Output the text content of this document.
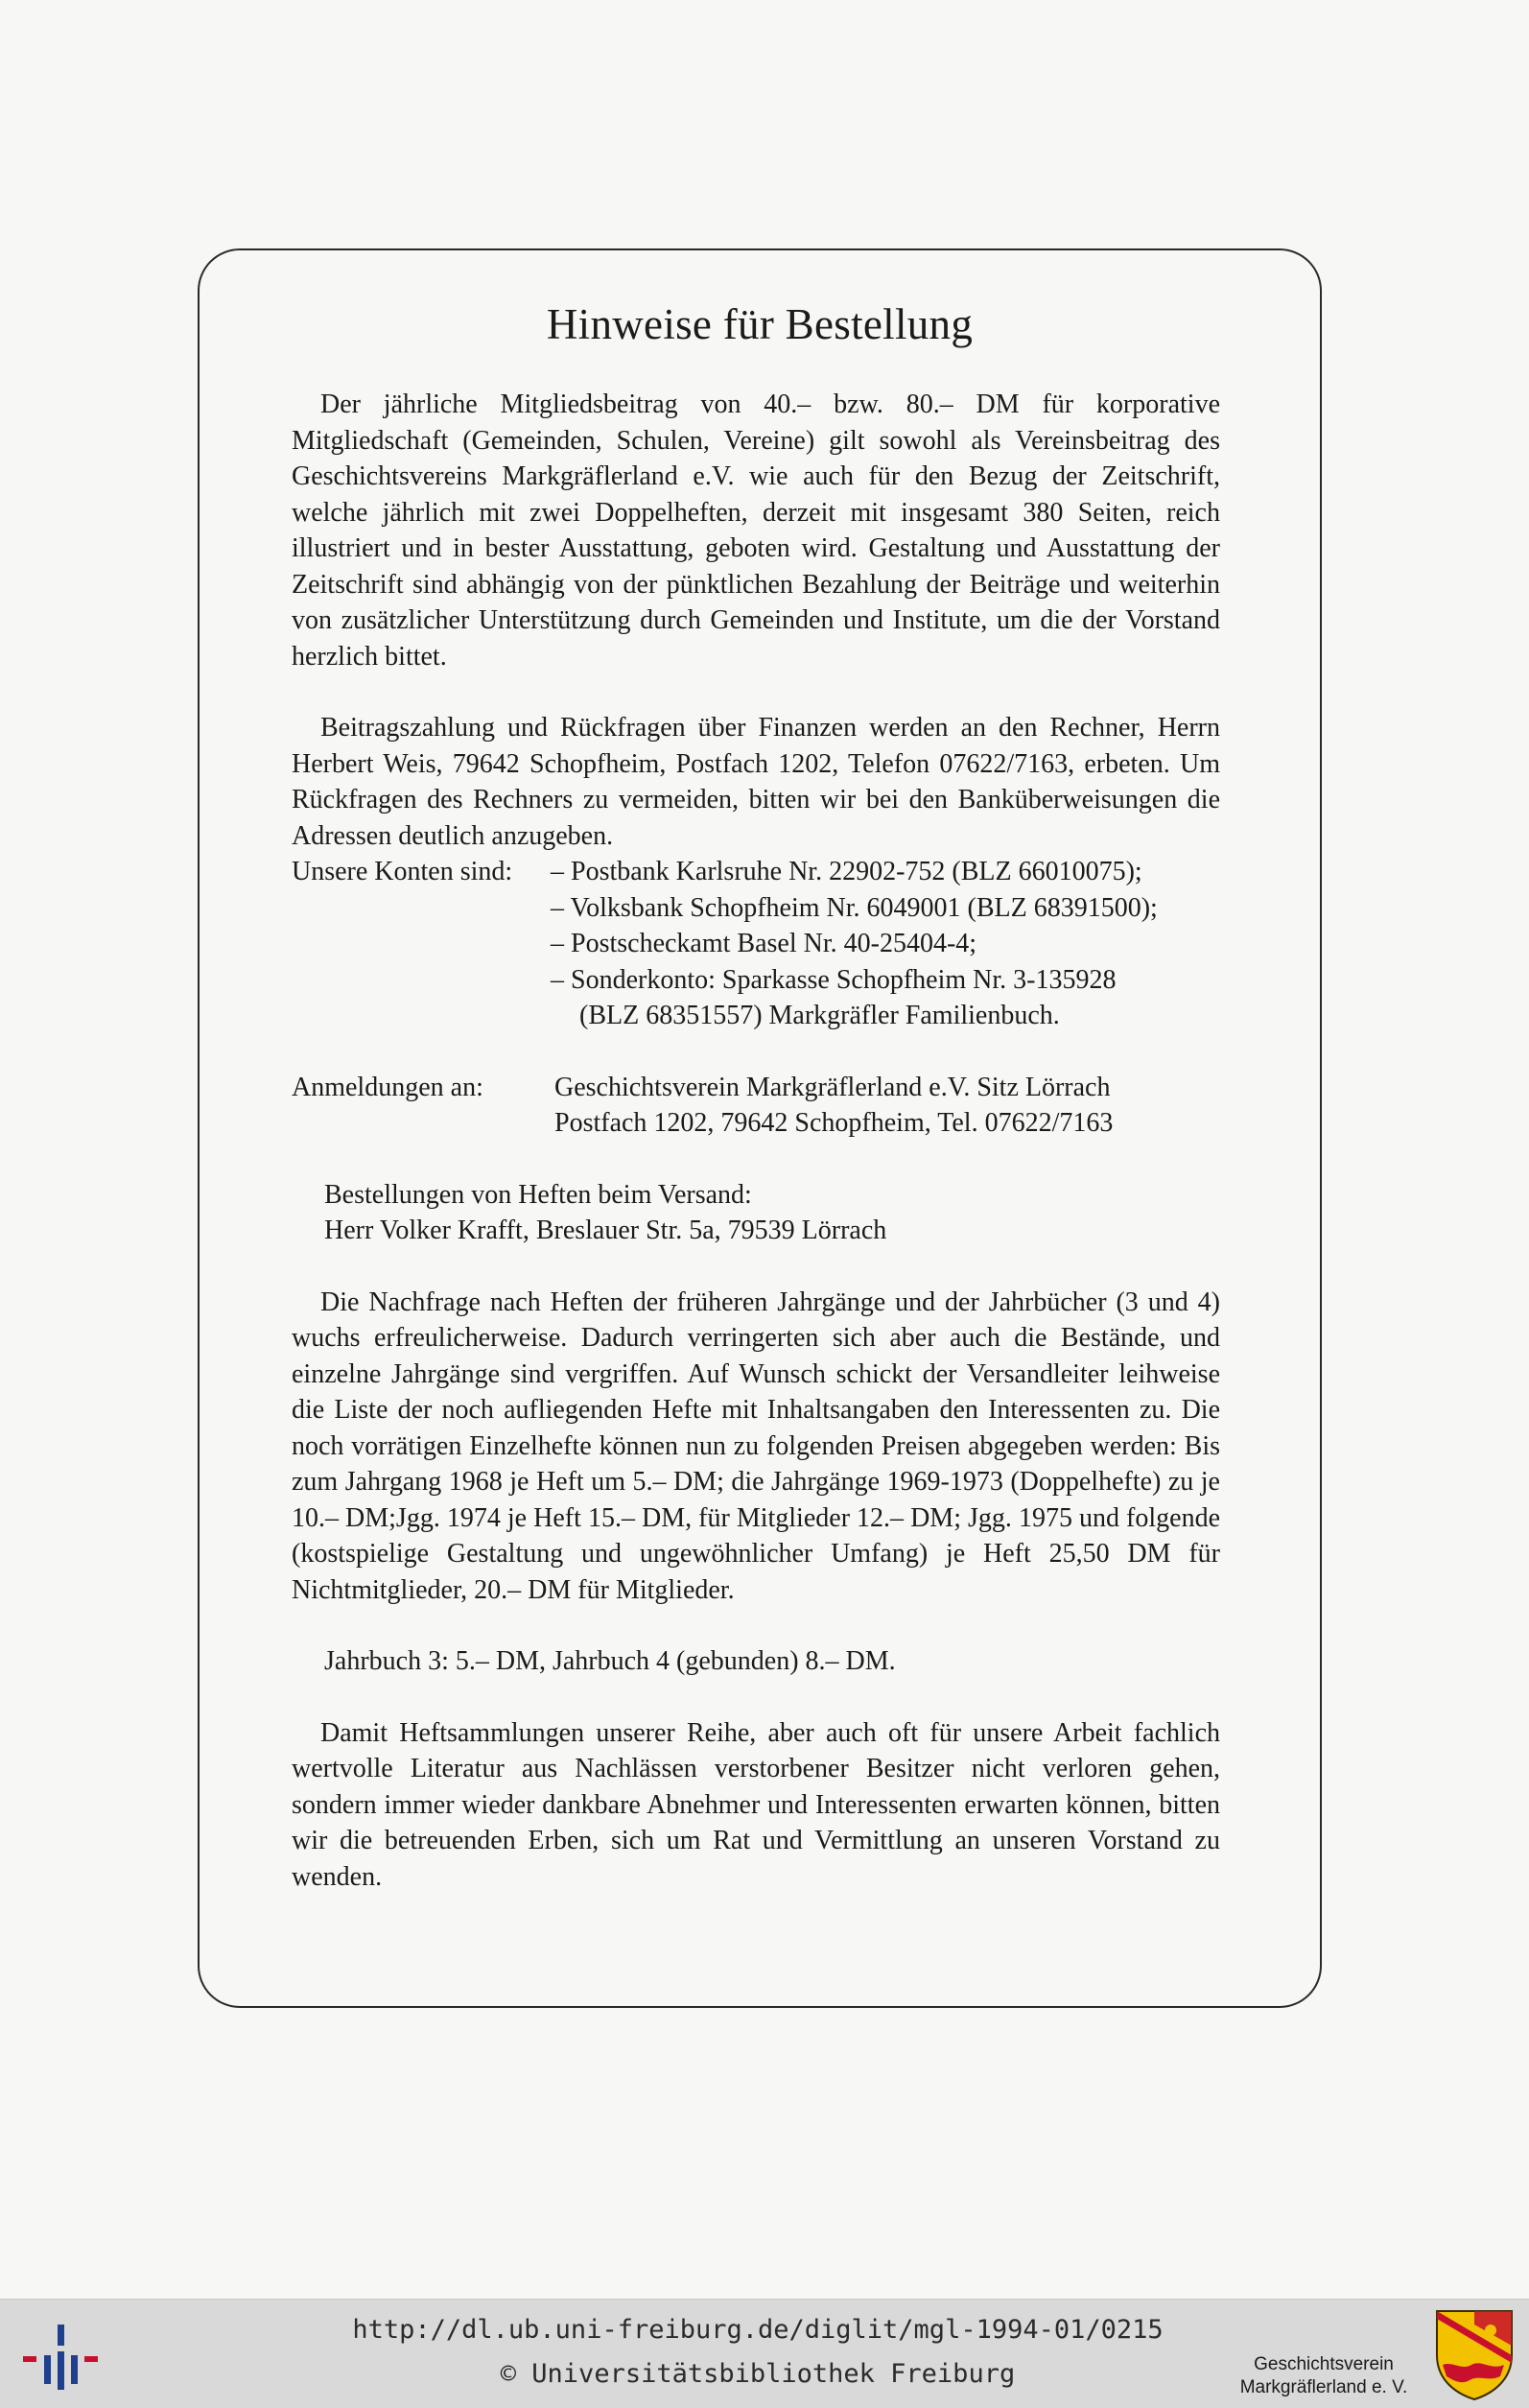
Hinweise für Bestellung

Der jährliche Mitgliedsbeitrag von 40.– bzw. 80.– DM für korporative Mitgliedschaft (Gemeinden, Schulen, Vereine) gilt sowohl als Vereinsbeitrag des Geschichtsvereins Markgräflerland e.V. wie auch für den Bezug der Zeitschrift, welche jährlich mit zwei Doppelheften, derzeit mit insgesamt 380 Seiten, reich illustriert und in bester Ausstattung, geboten wird. Gestaltung und Ausstattung der Zeitschrift sind abhängig von der pünktlichen Bezahlung der Beiträge und weiterhin von zusätzlicher Unterstützung durch Gemeinden und Institute, um die der Vorstand herzlich bittet.

Beitragszahlung und Rückfragen über Finanzen werden an den Rechner, Herrn Herbert Weis, 79642 Schopfheim, Postfach 1202, Telefon 07622/7163, erbeten. Um Rückfragen des Rechners zu vermeiden, bitten wir bei den Banküberweisungen die Adressen deutlich anzugeben.

Unsere Konten sind:	– Postbank Karlsruhe Nr. 22902-752 (BLZ 66010075);
– Volksbank Schopfheim Nr. 6049001 (BLZ 68391500);
– Postscheckamt Basel Nr. 40-25404-4;
– Sonderkonto: Sparkasse Schopfheim Nr. 3-135928
(BLZ 68351557) Markgräfler Familienbuch.
Anmeldungen an:	Geschichtsverein Markgräflerland e.V. Sitz Lörrach
Postfach 1202, 79642 Schopfheim, Tel. 07622/7163
Bestellungen von Heften beim Versand:
Herr Volker Krafft, Breslauer Str. 5a, 79539 Lörrach

Die Nachfrage nach Heften der früheren Jahrgänge und der Jahrbücher (3 und 4) wuchs erfreulicherweise. Dadurch verringerten sich aber auch die Bestände, und einzelne Jahrgänge sind vergriffen. Auf Wunsch schickt der Versandleiter leihweise die Liste der noch aufliegenden Hefte mit Inhaltsangaben den Interessenten zu. Die noch vorrätigen Einzelhefte können nun zu folgenden Preisen abgegeben werden: Bis zum Jahrgang 1968 je Heft um 5.– DM; die Jahrgänge 1969-1973 (Doppelhefte) zu je 10.– DM;Jgg. 1974 je Heft 15.– DM, für Mitglieder 12.– DM; Jgg. 1975 und folgende (kostspielige Gestaltung und ungewöhnlicher Umfang) je Heft 25,50 DM für Nichtmitglieder, 20.– DM für Mitglieder.

Jahrbuch 3: 5.– DM, Jahrbuch 4 (gebunden) 8.– DM.

Damit Heftsammlungen unserer Reihe, aber auch oft für unsere Arbeit fachlich wertvolle Literatur aus Nachlässen verstorbener Besitzer nicht verloren gehen, sondern immer wieder dankbare Abnehmer und Interessenten erwarten können, bitten wir die betreuenden Erben, sich um Rat und Vermittlung an unseren Vorstand zu wenden.

http://dl.ub.uni-freiburg.de/diglit/mgl-1994-01/0215
© Universitätsbibliothek Freiburg	Geschichtsverein
Markgräflerland e. V.
